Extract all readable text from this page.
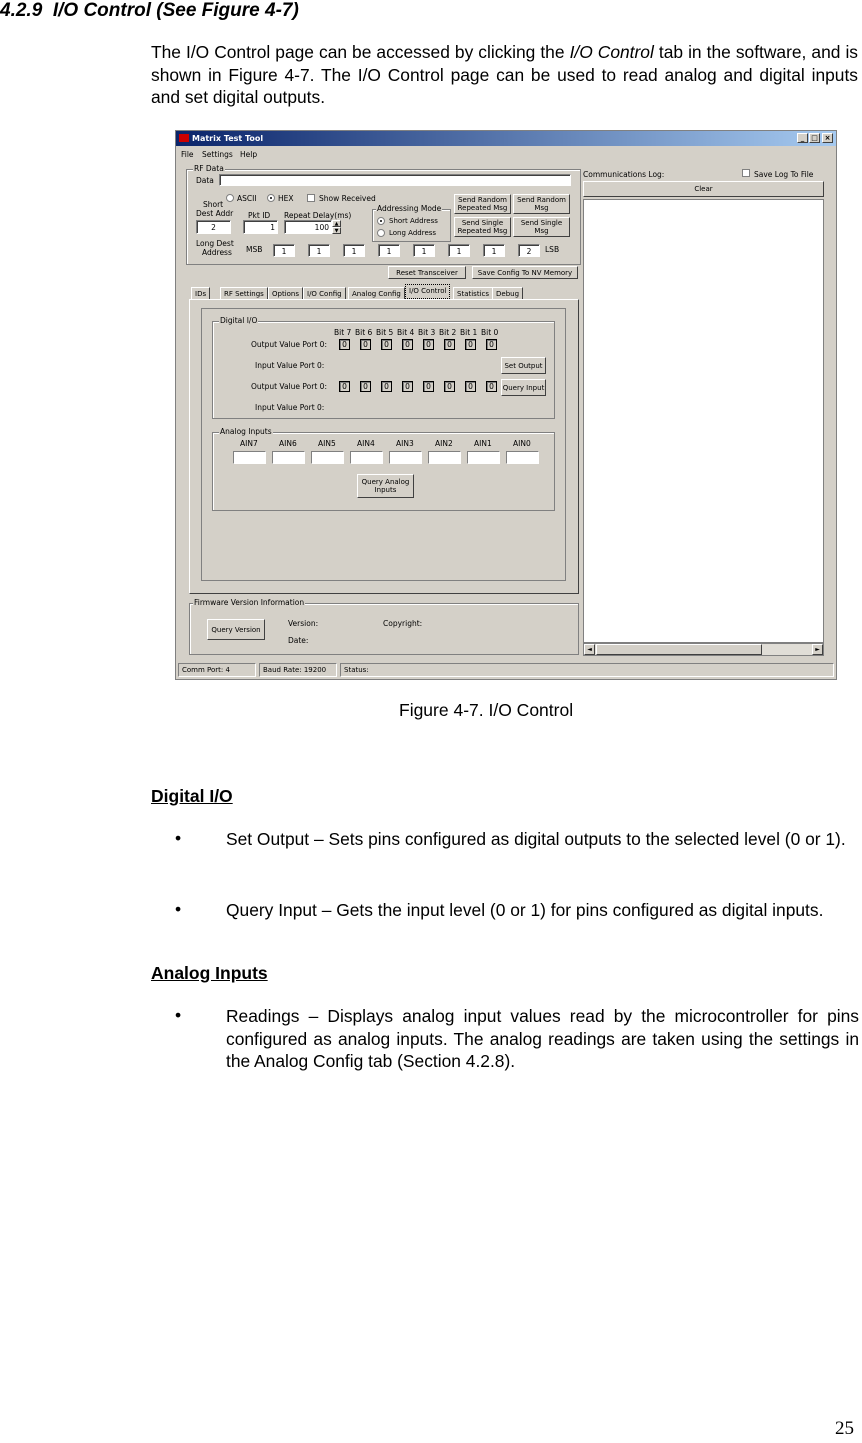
4.2.9 I/O Control (See Figure 4-7)
The I/O Control page can be accessed by clicking the I/O Control tab in the software, and is shown in Figure 4-7. The I/O Control page can be used to read analog and digital inputs and set digital outputs.
Matrix Test Tool	_ □ ×
File Settings Help
RF Data
Data
ASCII	HEX	Show Received
Short
Dest Addr
2
Pkt ID
1
Repeat Delay(ms)
100	▲
▼
Addressing Mode
Short Address
Long Address
Send Random Repeated Msg
Send Random Msg
Send Single Repeated Msg
Send Single Msg
Long Dest
Address MSB	1	1	1	1	1	1	1	2	LSB
Reset Transceiver	Save Config To NV Memory
IDs	RF Settings	Options	I/O Config	Analog Config	I/O Control	Statistics	Debug
Digital I/O
Output Value Port 0:
Input Value Port 0:
Output Value Port 0:
Input Value Port 0:
Set Output
Query Input
Analog Inputs
Query Analog Inputs
Firmware Version Information
Query Version
Version:	Copyright:
Date:
Communications Log:	Save Log To File
Clear
◄	►
Comm Port: 4	Baud Rate: 19200	Status:
Bit 7 Bit 6 Bit 5 Bit 4 Bit 3 Bit 2 Bit 1 Bit 0
0	0	0	0	0	0	0	0
0	0	0	0	0	0	0	0
AIN7	AIN6	AIN5	AIN4	AIN3	AIN2	AIN1	AIN0
Figure 4-7. I/O Control
Digital I/O
•	Set Output – Sets pins configured as digital outputs to the selected level (0 or 1).
•	Query Input – Gets the input level (0 or 1) for pins configured as digital inputs.
Analog Inputs
•	Readings – Displays analog input values read by the microcontroller for pins configured as analog inputs. The analog readings are taken using the settings in the Analog Config tab (Section 4.2.8).
25
